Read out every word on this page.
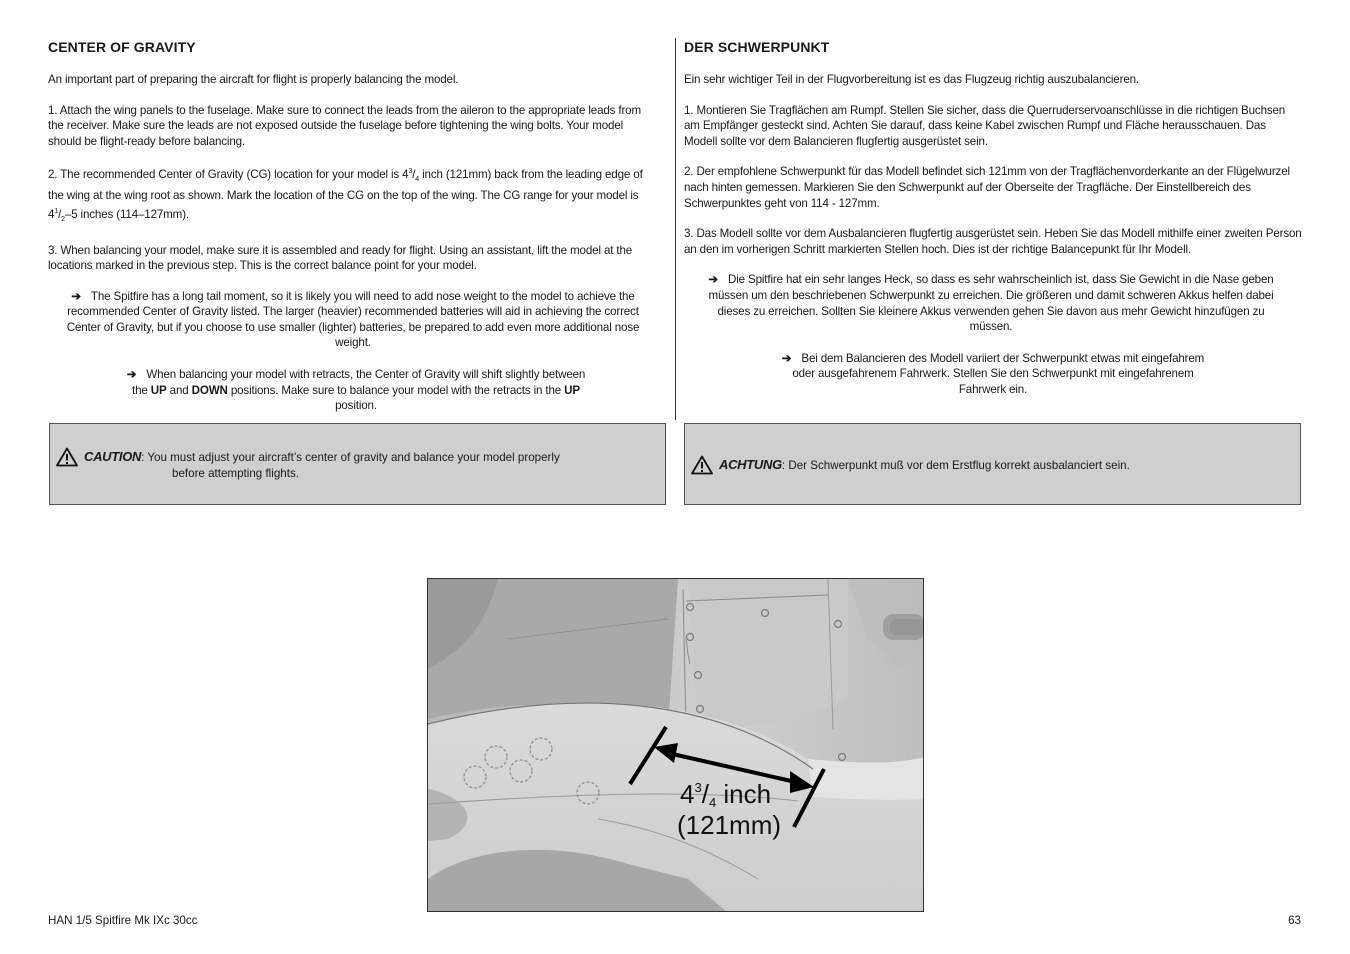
CENTER OF GRAVITY

An important part of preparing the aircraft for flight is properly balancing the model.

1. Attach the wing panels to the fuselage. Make sure to connect the leads from the aileron to the appropriate leads from the receiver. Make sure the leads are not exposed outside the fuselage before tightening the wing bolts. Your model should be flight-ready before balancing.

2. The recommended Center of Gravity (CG) location for your model is $4^3/_4$ inch (121mm) back from the leading edge of the wing at the wing root as shown. Mark the location of the CG on the top of the wing. The CG range for your model is $4^1/_2-5$ inches (114–127mm).

3. When balancing your model, make sure it is assembled and ready for flight. Using an assistant, lift the model at the locations marked in the previous step. This is the correct balance point for your model.

➔ The Spitfire has a long tail moment, so it is likely you will need to add nose weight to the model to achieve the recommended Center of Gravity listed. The larger (heavier) recommended batteries will aid in achieving the correct Center of Gravity, but if you choose to use smaller (lighter) batteries, be prepared to add even more additional nose weight.

➔ When balancing your model with retracts, the Center of Gravity will shift slightly between the UP and DOWN positions. Make sure to balance your model with the retracts in the UP position.

DER SCHWERPUNKT

Ein sehr wichtiger Teil in der Flugvorbereitung ist es das Flugzeug richtig auszubalancieren.

1. Montieren Sie Tragflächen am Rumpf. Stellen Sie sicher, dass die Querruderservoanschlüsse in die richtigen Buchsen am Empfänger gesteckt sind. Achten Sie darauf, dass keine Kabel zwischen Rumpf und Fläche herausschauen. Das Modell sollte vor dem Balancieren flugfertig ausgerüstet sein.

2. Der empfohlene Schwerpunkt für das Modell befindet sich 121mm von der Tragflächenvorderkante an der Flügelwurzel nach hinten gemessen. Markieren Sie den Schwerpunkt auf der Oberseite der Tragfläche. Der Einstellbereich des Schwerpunktes geht von 114 - 127mm.

3. Das Modell sollte vor dem Ausbalancieren flugfertig ausgerüstet sein. Heben Sie das Modell mithilfe einer zweiten Person an den im vorherigen Schritt markierten Stellen hoch. Dies ist der richtige Balancepunkt für Ihr Modell.

➔ Die Spitfire hat ein sehr langes Heck, so dass es sehr wahrscheinlich ist, dass Sie Gewicht in die Nase geben müssen um den beschriebenen Schwerpunkt zu erreichen. Die größeren und damit schweren Akkus helfen dabei dieses zu erreichen. Sollten Sie kleinere Akkus verwenden gehen Sie davon aus mehr Gewicht hinzufügen zu müssen.

➔ Bei dem Balancieren des Modell variiert der Schwerpunkt etwas mit eingefahrem oder ausgefahrenem Fahrwerk. Stellen Sie den Schwerpunkt mit eingefahrenem Fahrwerk ein.

CAUTION: You must adjust your aircraft’s center of gravity and balance your model properly
before attempting flights.
ACHTUNG: Der Schwerpunkt muß vor dem Erstflug korrekt ausbalanciert sein.
$4^3/4$ inch
(121mm)
HAN 1/5 Spitfire Mk IXc 30cc	63
